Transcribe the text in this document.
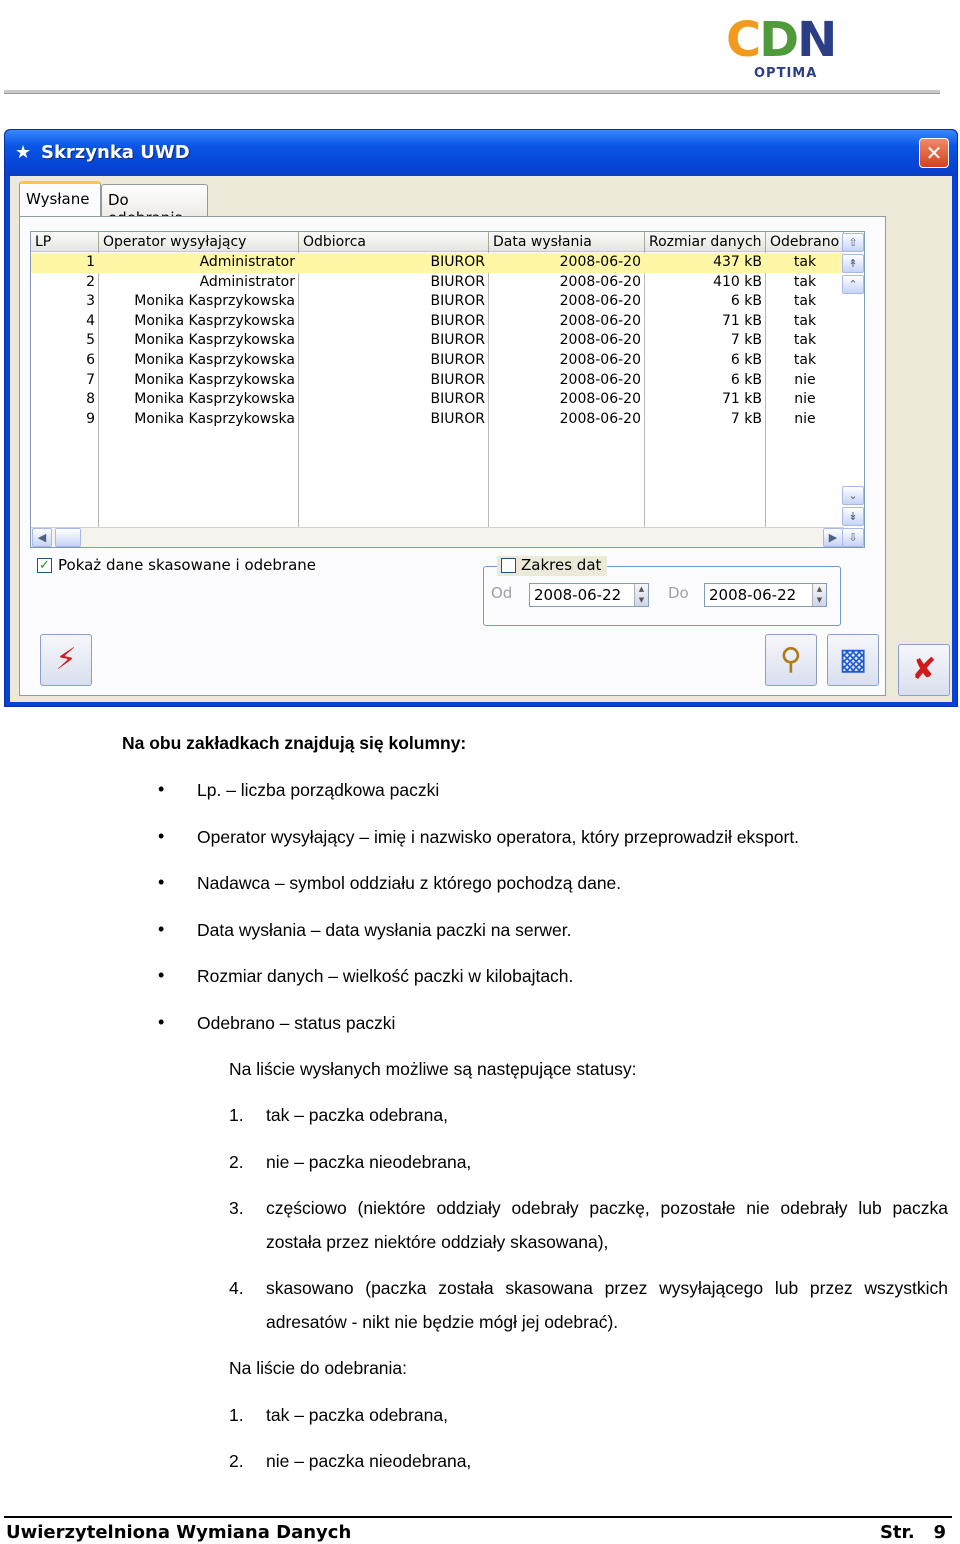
CDN
OPTIMA
★ Skrzynka UWD	✕
Wysłane	Do
LP	Operator wysyłający	Odbiorca	Data wysłania	Rozmiar danych Odebrano
1	Administrator	BIUROR	2008-06-20	437 kB	tak
2	Administrator	BIUROR	2008-06-20	410 kB	tak
3	Monika Kasprzykowska	BIUROR	2008-06-20	6 kB	tak
4	Monika Kasprzykowska	BIUROR	2008-06-20	71 kB	tak
5	Monika Kasprzykowska	BIUROR	2008-06-20	7 kB	tak
6	Monika Kasprzykowska	BIUROR	2008-06-20	6 kB	tak
7	Monika Kasprzykowska	BIUROR	2008-06-20	6 kB	nie
8	Monika Kasprzykowska	BIUROR	2008-06-20	71 kB	nie
9	Monika Kasprzykowska	BIUROR	2008-06-20	7 kB	nie
◀	▶
⇧
↟
⌃
⌄
↡
⇩
✓ Pokaż dane skasowane i odebrane	Zakres dat
Od	2008-06-22	▲
▼ Do	2008-06-22	▲
▼
⚡	⚲	▩	✘
Na obu zakładkach znajdują się kolumny:
• Lp. – liczba porządkowa paczki
• Operator wysyłający – imię i nazwisko operatora, który przeprowadził eksport.
• Nadawca – symbol oddziału z którego pochodzą dane.
• Data wysłania – data wysłania paczki na serwer.
• Rozmiar danych – wielkość paczki w kilobajtach.
• Odebrano – status paczki
Na liście wysłanych możliwe są następujące statusy:
1. tak – paczka odebrana,
2. nie – paczka nieodebrana,
3. częściowo (niektóre oddziały odebrały paczkę, pozostałe nie odebrały lub paczka
została przez niektóre oddziały skasowana),
4. skasowano (paczka została skasowana przez wysyłającego lub przez wszystkich
adresatów - nikt nie będzie mógł jej odebrać).
Na liście do odebrania:
1. tak – paczka odebrana,
2. nie – paczka nieodebrana,
Uwierzytelniona Wymiana Danych	Str.   9
